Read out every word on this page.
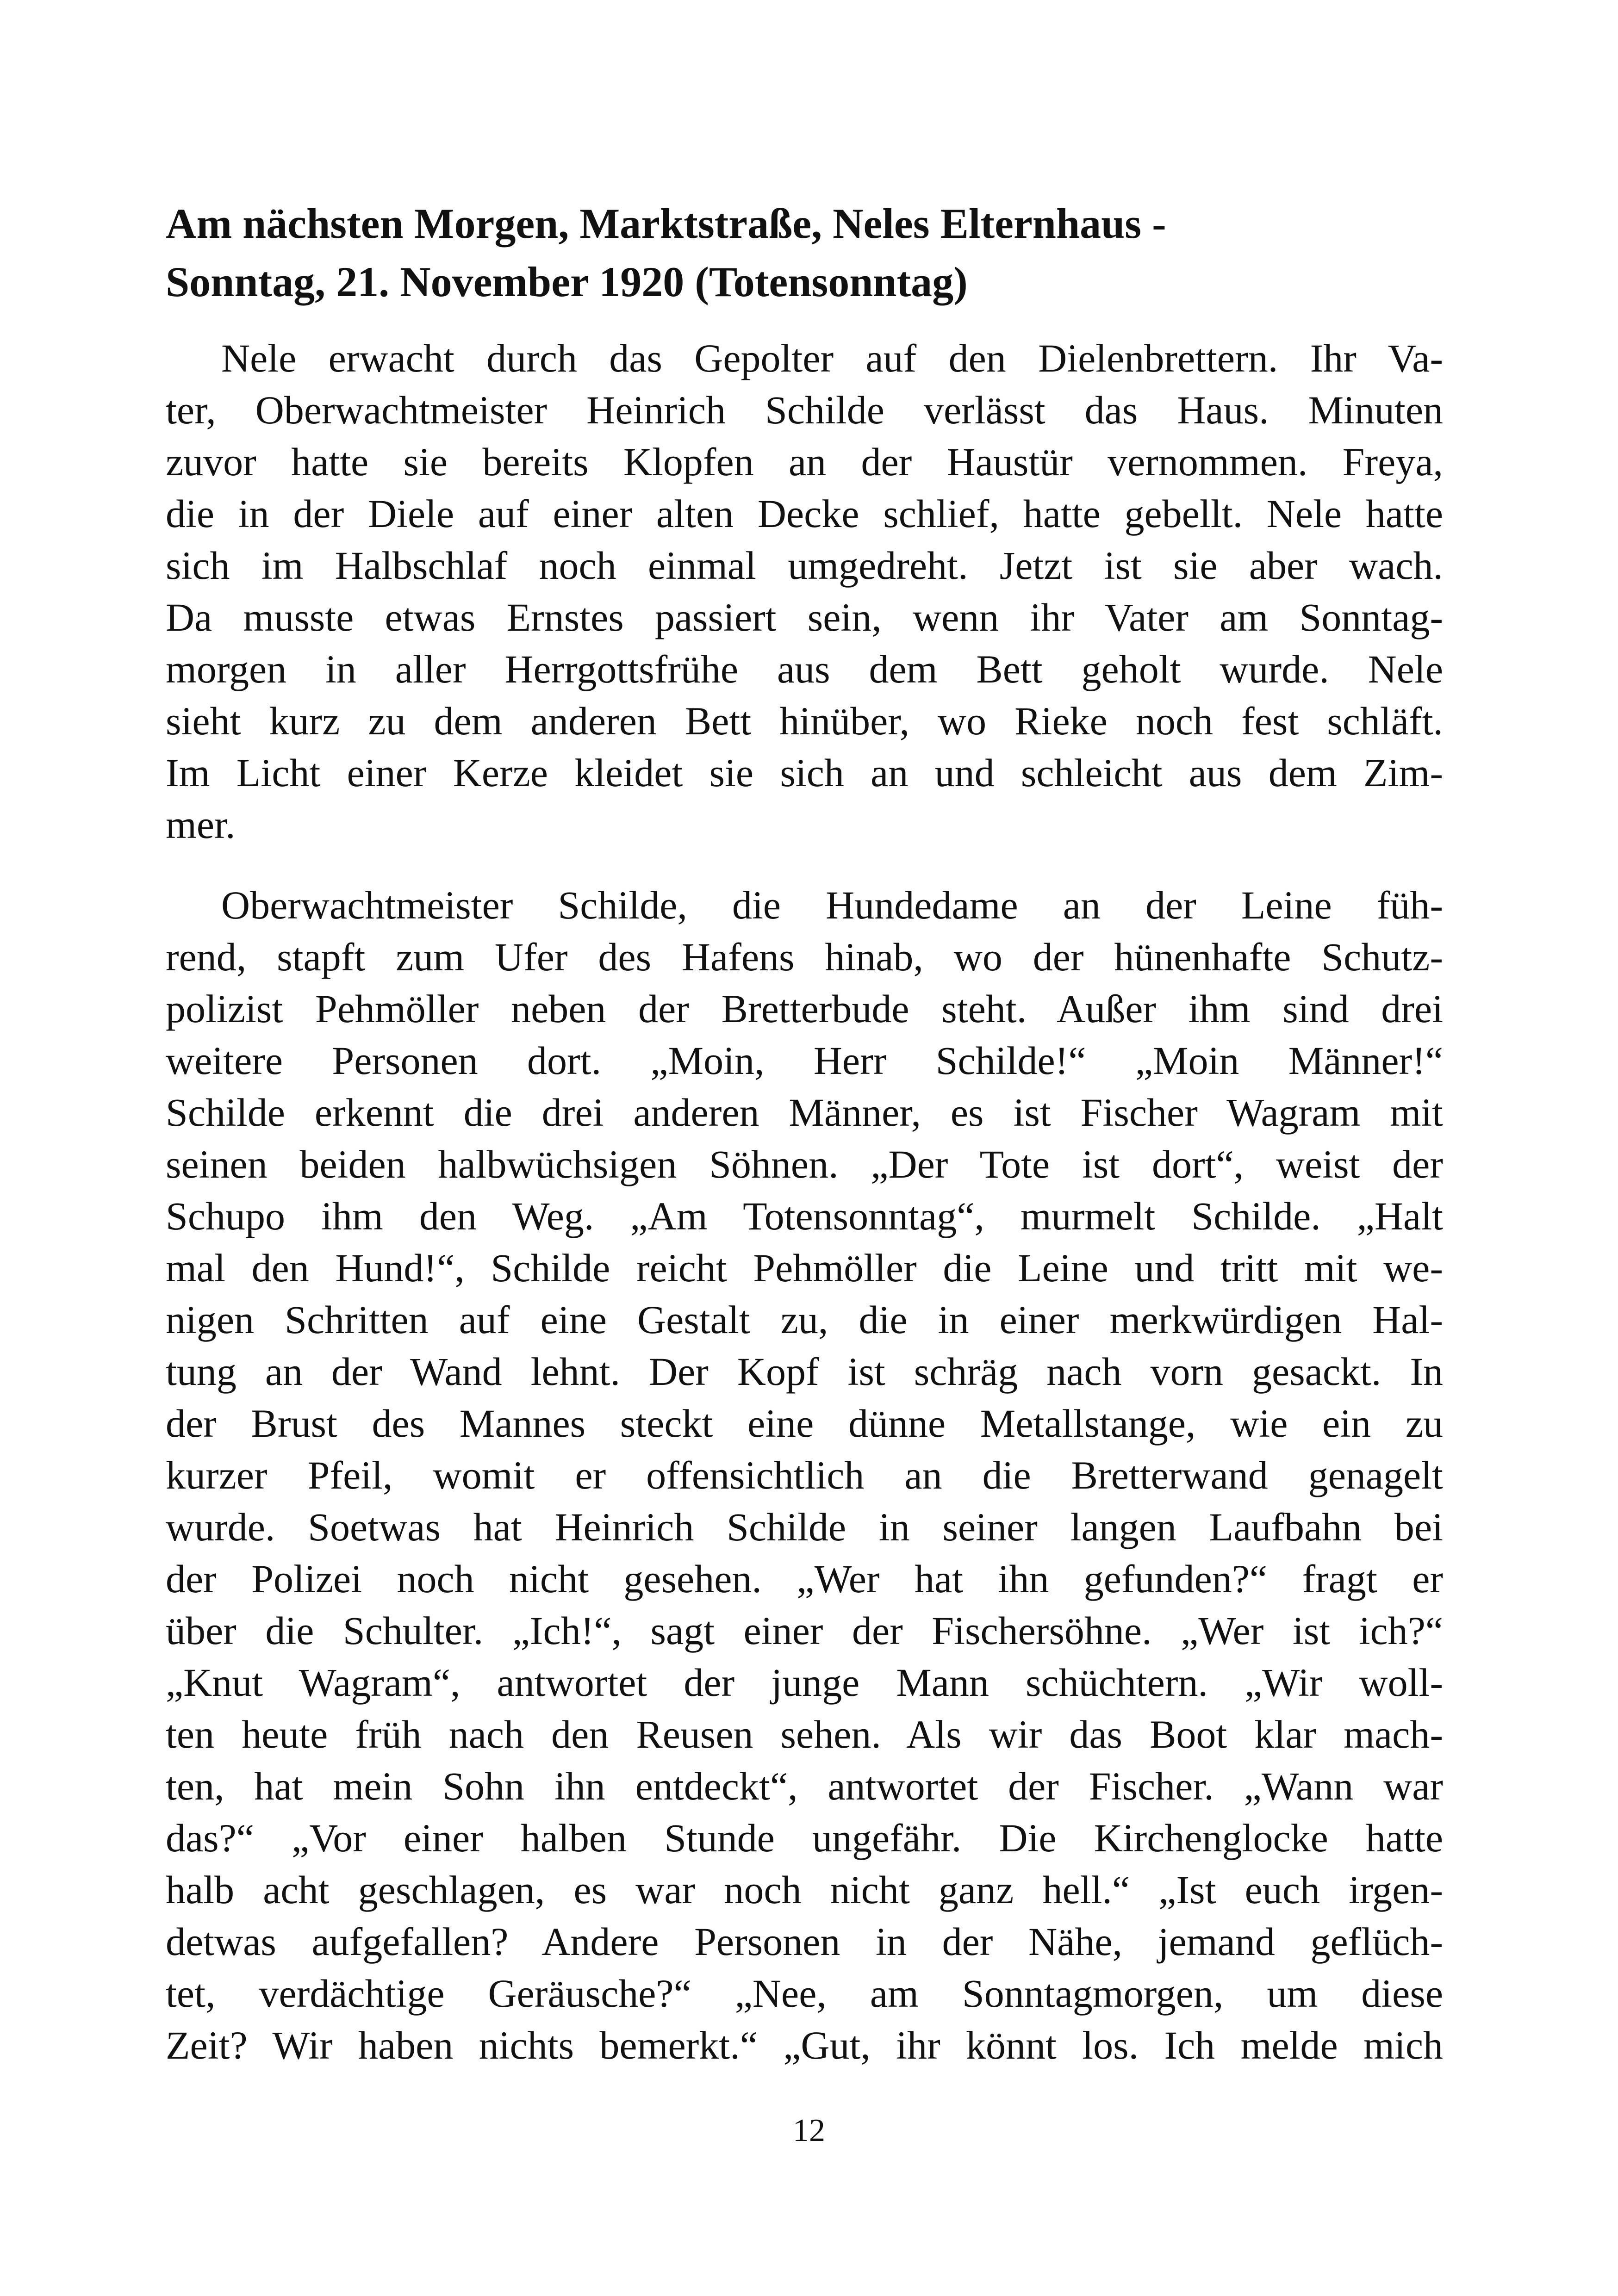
Am nächsten Morgen, Marktstraße, Neles Elternhaus -
Sonntag, 21. November 1920 (Totensonntag)
Nele erwacht durch das Gepolter auf den Dielenbrettern. Ihr Va-
ter, Oberwachtmeister Heinrich Schilde verlässt das Haus. Minuten
zuvor hatte sie bereits Klopfen an der Haustür vernommen. Freya,
die in der Diele auf einer alten Decke schlief, hatte gebellt. Nele hatte
sich im Halbschlaf noch einmal umgedreht. Jetzt ist sie aber wach.
Da musste etwas Ernstes passiert sein, wenn ihr Vater am Sonntag-
morgen in aller Herrgottsfrühe aus dem Bett geholt wurde. Nele
sieht kurz zu dem anderen Bett hinüber, wo Rieke noch fest schläft.
Im Licht einer Kerze kleidet sie sich an und schleicht aus dem Zim-
mer.
Oberwachtmeister Schilde, die Hundedame an der Leine füh-
rend, stapft zum Ufer des Hafens hinab, wo der hünenhafte Schutz-
polizist Pehmöller neben der Bretterbude steht. Außer ihm sind drei
weitere Personen dort. „Moin, Herr Schilde!“ „Moin Männer!“
Schilde erkennt die drei anderen Männer, es ist Fischer Wagram mit
seinen beiden halbwüchsigen Söhnen. „Der Tote ist dort“, weist der
Schupo ihm den Weg. „Am Totensonntag“, murmelt Schilde. „Halt
mal den Hund!“, Schilde reicht Pehmöller die Leine und tritt mit we-
nigen Schritten auf eine Gestalt zu, die in einer merkwürdigen Hal-
tung an der Wand lehnt. Der Kopf ist schräg nach vorn gesackt. In
der Brust des Mannes steckt eine dünne Metallstange, wie ein zu
kurzer Pfeil, womit er offensichtlich an die Bretterwand genagelt
wurde. Soetwas hat Heinrich Schilde in seiner langen Laufbahn bei
der Polizei noch nicht gesehen. „Wer hat ihn gefunden?“ fragt er
über die Schulter. „Ich!“, sagt einer der Fischersöhne. „Wer ist ich?“
„Knut Wagram“, antwortet der junge Mann schüchtern. „Wir woll-
ten heute früh nach den Reusen sehen. Als wir das Boot klar mach-
ten, hat mein Sohn ihn entdeckt“, antwortet der Fischer. „Wann war
das?“ „Vor einer halben Stunde ungefähr. Die Kirchenglocke hatte
halb acht geschlagen, es war noch nicht ganz hell.“ „Ist euch irgen-
detwas aufgefallen? Andere Personen in der Nähe, jemand geflüch-
tet, verdächtige Geräusche?“ „Nee, am Sonntagmorgen, um diese
Zeit? Wir haben nichts bemerkt.“ „Gut, ihr könnt los. Ich melde mich
12
